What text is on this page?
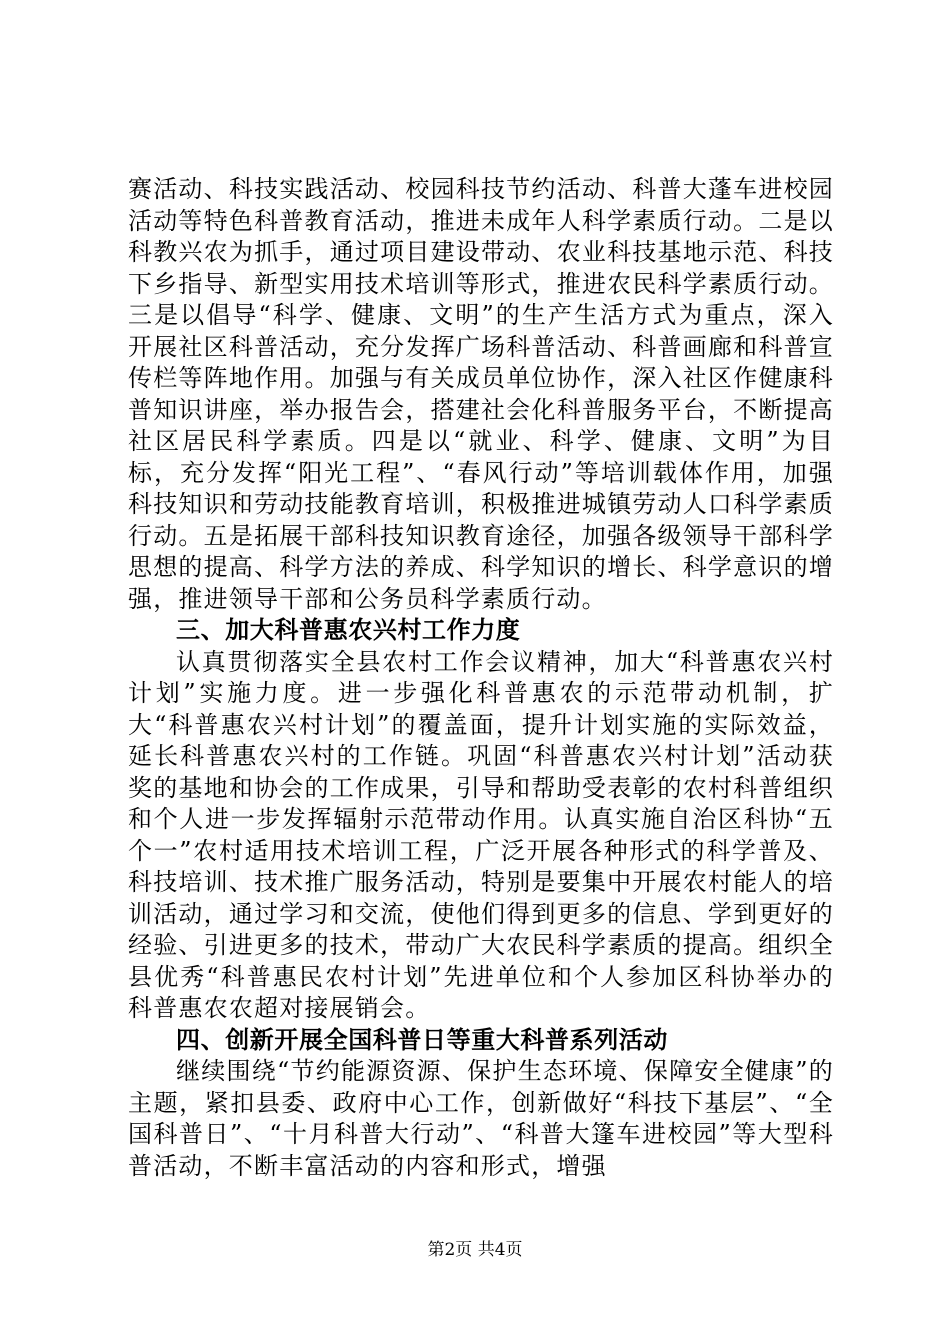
赛活动、科技实践活动、校园科技节约活动、科普大蓬车进校园活动等特色科普教育活动，推进未成年人科学素质行动。二是以科教兴农为抓手，通过项目建设带动、农业科技基地示范、科技下乡指导、新型实用技术培训等形式，推进农民科学素质行动。三是以倡导“科学、健康、文明”的生产生活方式为重点，深入开展社区科普活动，充分发挥广场科普活动、科普画廊和科普宣传栏等阵地作用。加强与有关成员单位协作，深入社区作健康科普知识讲座，举办报告会，搭建社会化科普服务平台，不断提高社区居民科学素质。四是以“就业、科学、健康、文明”为目标，充分发挥“阳光工程”、“春风行动”等培训载体作用，加强科技知识和劳动技能教育培训，积极推进城镇劳动人口科学素质行动。五是拓展干部科技知识教育途径，加强各级领导干部科学思想的提高、科学方法的养成、科学知识的增长、科学意识的增强，推进领导干部和公务员科学素质行动。

三、加大科普惠农兴村工作力度

认真贯彻落实全县农村工作会议精神，加大“科普惠农兴村计划”实施力度。进一步强化科普惠农的示范带动机制，扩大“科普惠农兴村计划”的覆盖面，提升计划实施的实际效益，延长科普惠农兴村的工作链。巩固“科普惠农兴村计划”活动获奖的基地和协会的工作成果，引导和帮助受表彰的农村科普组织和个人进一步发挥辐射示范带动作用。认真实施自治区科协“五个一”农村适用技术培训工程，广泛开展各种形式的科学普及、科技培训、技术推广服务活动，特别是要集中开展农村能人的培训活动，通过学习和交流，使他们得到更多的信息、学到更好的经验、引进更多的技术，带动广大农民科学素质的提高。组织全县优秀“科普惠民农村计划”先进单位和个人参加区科协举办的科普惠农农超对接展销会。

四、创新开展全国科普日等重大科普系列活动

继续围绕“节约能源资源、保护生态环境、保障安全健康”的主题，紧扣县委、政府中心工作，创新做好“科技下基层”、“全国科普日”、“十月科普大行动”、“科普大篷车进校园”等大型科普活动，不断丰富活动的内容和形式，增强

第2页 共4页
